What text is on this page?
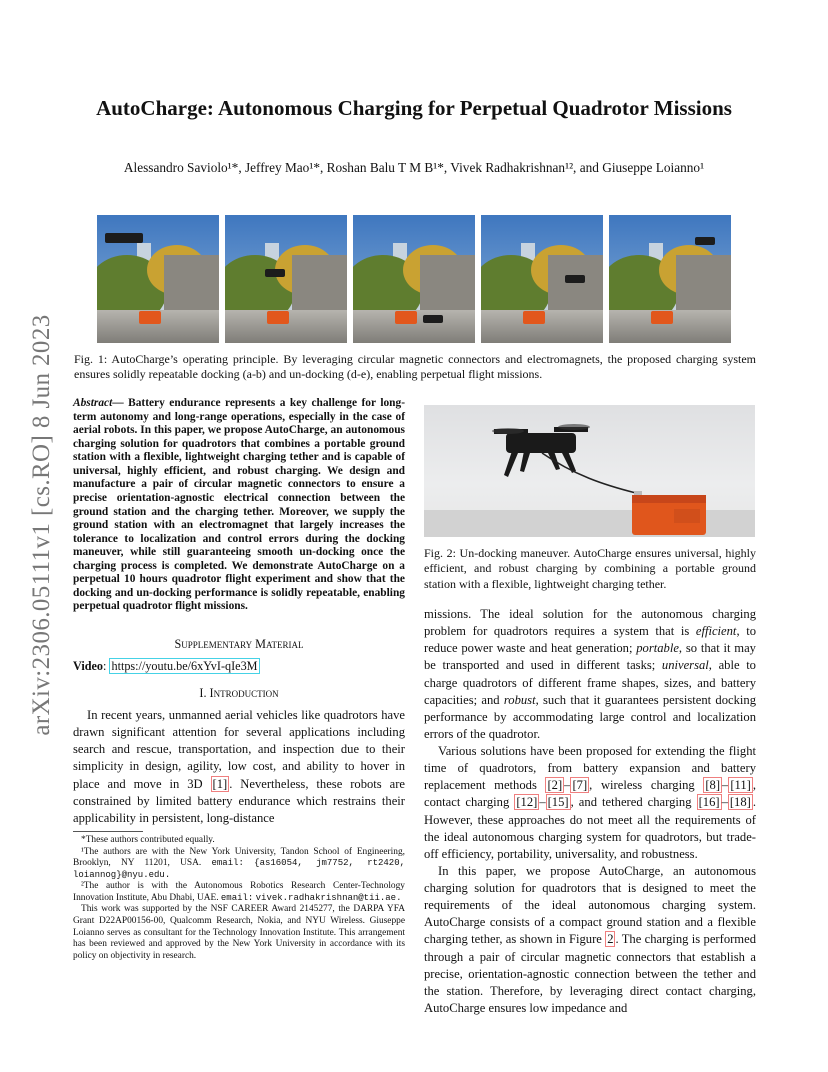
arXiv:2306.05111v1 [cs.RO] 8 Jun 2023
AutoCharge: Autonomous Charging for Perpetual Quadrotor Missions
Alessandro Saviolo¹*, Jeffrey Mao¹*, Roshan Balu T M B¹*, Vivek Radhakrishnan¹², and Giuseppe Loianno¹
Fig. 1: AutoCharge’s operating principle. By leveraging circular magnetic connectors and electromagnets, the proposed charging system ensures solidly repeatable docking (a-b) and un-docking (d-e), enabling perpetual flight missions.
Abstract— Battery endurance represents a key challenge for long-term autonomy and long-range operations, especially in the case of aerial robots. In this paper, we propose AutoCharge, an autonomous charging solution for quadrotors that combines a portable ground station with a flexible, lightweight charging tether and is capable of universal, highly efficient, and robust charging. We design and manufacture a pair of circular magnetic connectors to ensure a precise orientation-agnostic electrical connection between the ground station and the charging tether. Moreover, we supply the ground station with an electromagnet that largely increases the tolerance to localization and control errors during the docking maneuver, while still guaranteeing smooth un-docking once the charging process is completed. We demonstrate AutoCharge on a perpetual 10 hours quadrotor flight experiment and show that the docking and un-docking performance is solidly repeatable, enabling perpetual quadrotor flight missions.
Supplementary Material
Video: https://youtu.be/6xYvI-qIe3M
I. Introduction
In recent years, unmanned aerial vehicles like quadrotors have drawn significant attention for several applications including search and rescue, transportation, and inspection due to their simplicity in design, agility, low cost, and ability to hover in place and move in 3D [1] . Nevertheless, these robots are constrained by limited battery endurance which restrains their applicability in persistent, long-distance

*These authors contributed equally.

¹The authors are with the New York University, Tandon School of Engineering, Brooklyn, NY 11201, USA. email: {as16054, jm7752, rt2420, loiannog}@nyu.edu.

²The author is with the Autonomous Robotics Research Center-Technology Innovation Institute, Abu Dhabi, UAE. email: vivek.radhakrishnan@tii.ae.

This work was supported by the NSF CAREER Award 2145277, the DARPA YFA Grant D22AP00156-00, Qualcomm Research, Nokia, and NYU Wireless. Giuseppe Loianno serves as consultant for the Technology Innovation Institute. This arrangement has been reviewed and approved by the New York University in accordance with its policy on objectivity in research.

Fig. 2: Un-docking maneuver. AutoCharge ensures universal, highly efficient, and robust charging by combining a portable ground station with a flexible, lightweight charging tether.

missions. The ideal solution for the autonomous charging problem for quadrotors requires a system that is efficient, to reduce power waste and heat generation; portable, so that it may be transported and used in different tasks; universal, able to charge quadrotors of different frame shapes, sizes, and battery capacities; and robust, such that it guarantees persistent docking performance by accommodating large control and localization errors of the quadrotor.

Various solutions have been proposed for extending the flight time of quadrotors, from battery expansion and battery replacement methods [2] – [7] , wireless charging [8] – [11] , contact charging [12] – [15] , and tethered charging [16] – [18] . However, these approaches do not meet all the requirements of the ideal autonomous charging system for quadrotors, but trade-off efficiency, portability, universality, and robustness.

In this paper, we propose AutoCharge, an autonomous charging solution for quadrotors that is designed to meet the requirements of the ideal autonomous charging system. AutoCharge consists of a compact ground station and a flexible charging tether, as shown in Figure 2 . The charging is performed through a pair of circular magnetic connectors that establish a precise, orientation-agnostic connection between the tether and the station. Therefore, by leveraging direct contact charging, AutoCharge ensures low impedance and
